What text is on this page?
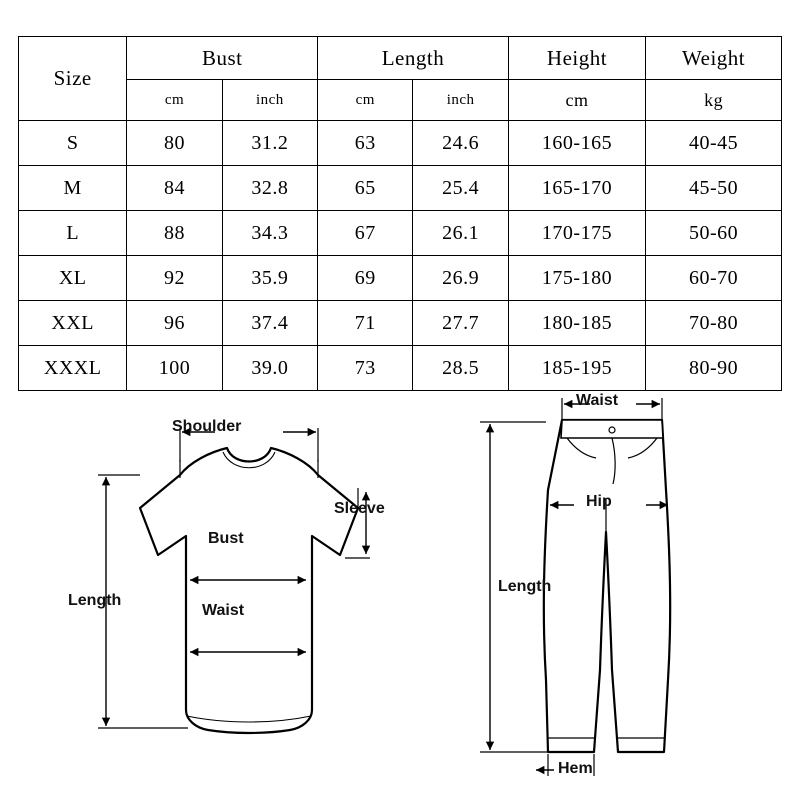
Size	Bust		Length		Height	Weight
	cm	inch	cm	inch	cm	kg
S	80	31.2	63	24.6	160-165	40-45
M	84	32.8	65	25.4	165-170	45-50
L	88	34.3	67	26.1	170-175	50-60
XL	92	35.9	69	26.9	175-180	60-70
XXL	96	37.4	71	27.7	180-185	70-80
XXXL	100	39.0	73	28.5	185-195	80-90
Shoulder
Sleeve
Bust
Waist
Length
Waist
Hip
Length
Hem
